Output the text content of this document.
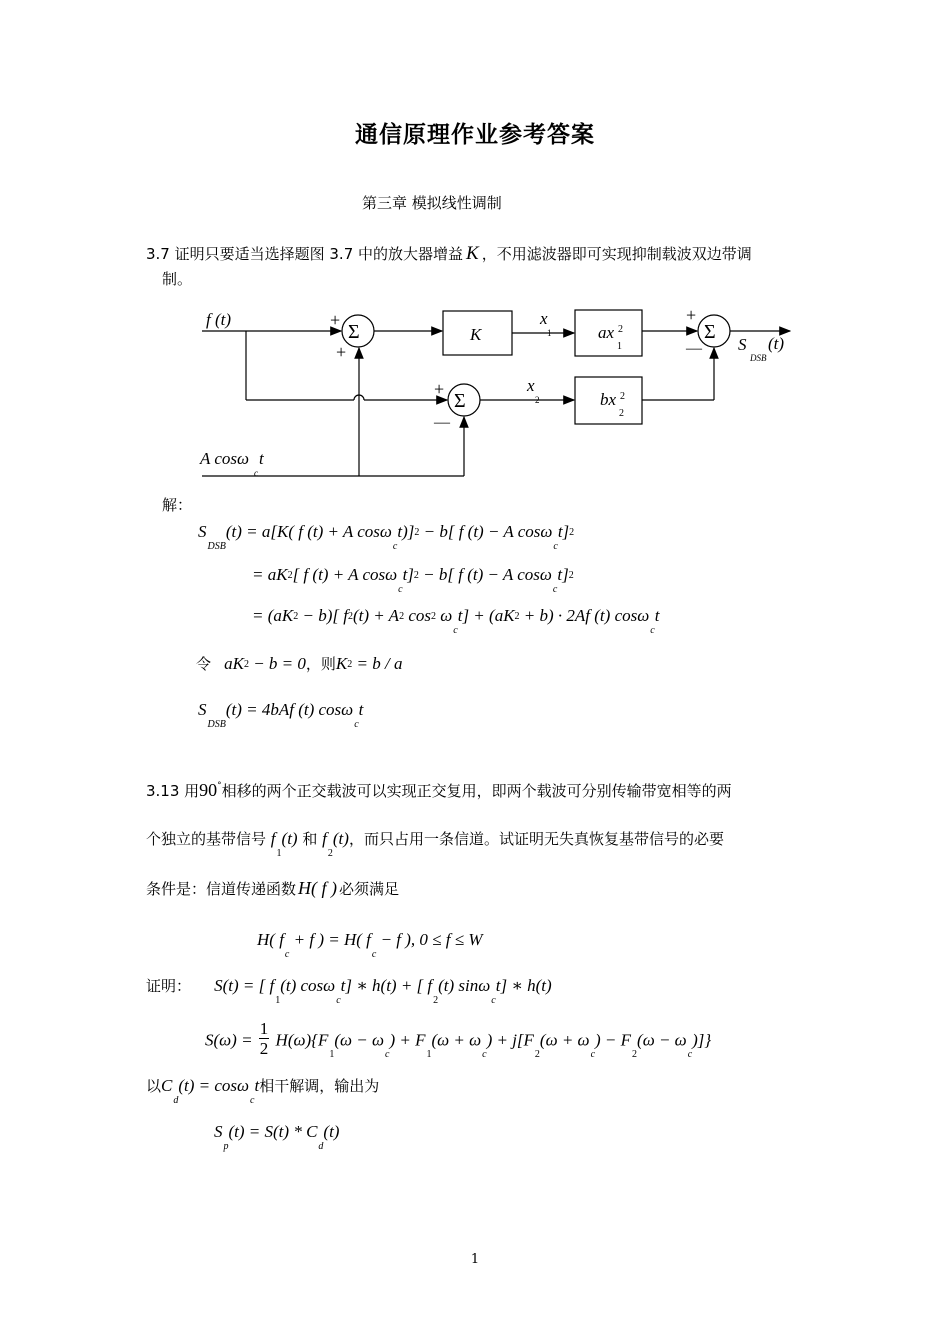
通信原理作业参考答案
第三章 模拟线性调制
3.7 证明只要适当选择题图 3.7 中的放大器增益 K ，不用滤波器即可实现抑制载波双边带调
制。
f (t)
Σ
Σ
Σ
+
+
+
—
+
—
K	ax 2
1
bx 2
2
x
1
x
2
S
DSB
(t)
A cosω
c
t
解：
$S_{DSB}(t) = a[K$( f (t) + A cosω$_c$t)]2 − b[ f (t) − A cosω$_c$t]2
= aK2[ f (t) + A cosω$_c$t]2 − b[ f (t) − A cosω$_c$t]2
= (aK2 − b)[ f2(t) + A2 cos2 $\omega_ct] + (aK2 + b) \cdot 2Af$ (t) cosω$_c$t
令 aK2 − b = 0，则K2 = b / a
$S_{DSB}(t) = 4bAf$ (t) cosω$_c$t
3.13 用90°相移的两个正交载波可以实现正交复用，即两个载波可分别传输带宽相等的两
个独立的基带信号 $f_1(t)$ 和 $f_2(t)$，而只占用一条信道。试证明无失真恢复基带信号的必要
条件是：信道传递函数 H( f ) 必须满足
H( $f_c + f$ ) = H( $f_c - f$ ), 0 ≤ f ≤ W
证明： S(t) = [ $f_1(t)$ cosω$_c$t] ∗ h(t) + [ $f_2(t)$ sinω$_c$t] ∗ h(t)
$S(\omega) = \frac{1}{2} H(\omega)\{F_1(\omega - \omega_c) + F_1(\omega + \omega_c) + j[F_2(\omega + \omega_c) - F_2(\omega - \omega_c)]\}$
以$C_d(t) = \cos\omega_ct$相干解调，输出为
$S_p(t) = S(t) * C_d(t)$
1
